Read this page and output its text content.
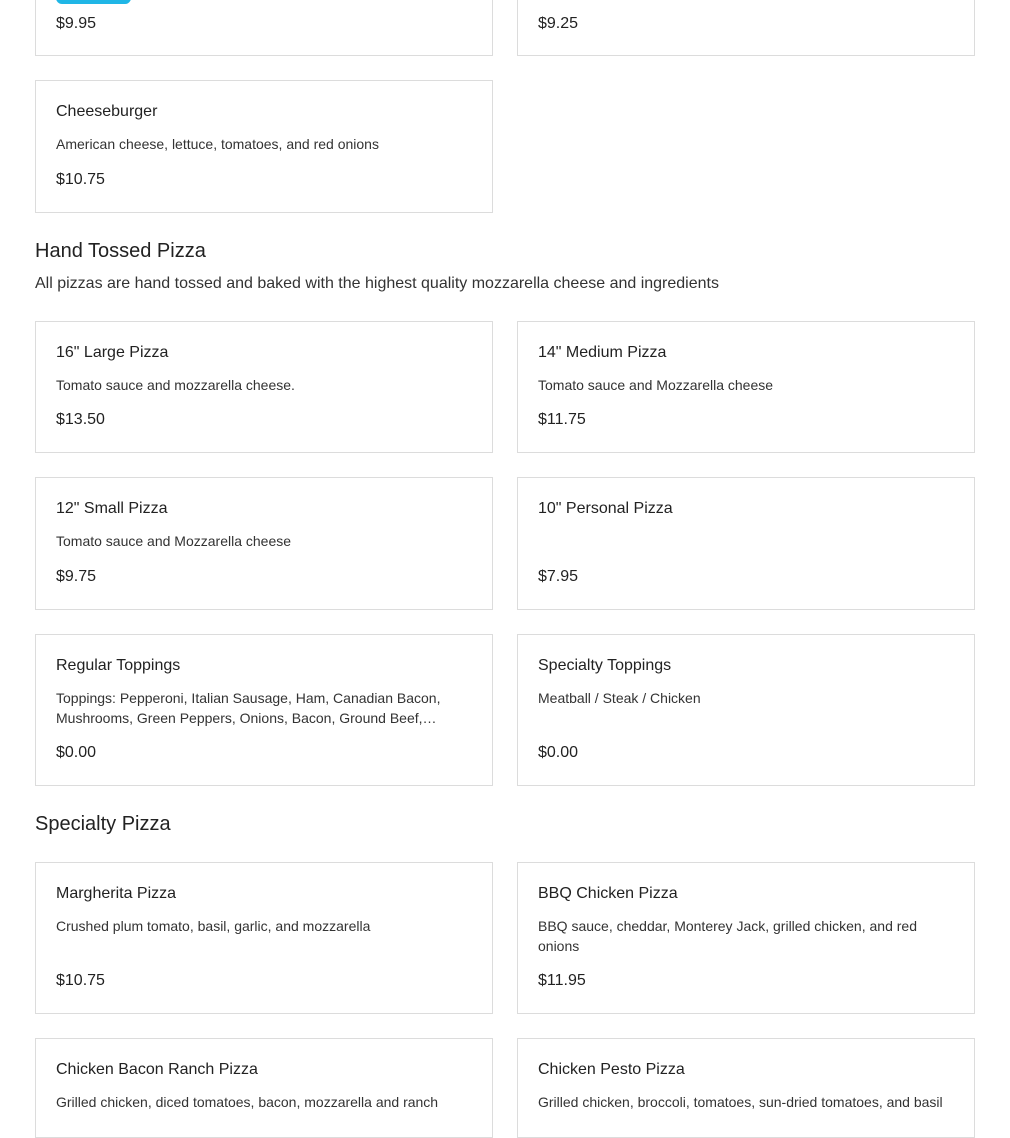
$9.95	$9.25
Cheeseburger
American cheese, lettuce, tomatoes, and red onions
$10.75
Hand Tossed Pizza
All pizzas are hand tossed and baked with the highest quality mozzarella cheese and ingredients
16" Large Pizza
Tomato sauce and mozzarella cheese.
$13.50
14" Medium Pizza
Tomato sauce and Mozzarella cheese
$11.75
12" Small Pizza
Tomato sauce and Mozzarella cheese
$9.75
10" Personal Pizza
$7.95
Regular Toppings
Toppings: Pepperoni, Italian Sausage, Ham, Canadian Bacon, Mushrooms, Green Peppers, Onions, Bacon, Ground Beef,…
$0.00
Specialty Toppings
Meatball / Steak / Chicken
$0.00
Specialty Pizza
Margherita Pizza
Crushed plum tomato, basil, garlic, and mozzarella
$10.75
BBQ Chicken Pizza
BBQ sauce, cheddar, Monterey Jack, grilled chicken, and red onions
$11.95
Chicken Bacon Ranch Pizza
Grilled chicken, diced tomatoes, bacon, mozzarella and ranch
Chicken Pesto Pizza
Grilled chicken, broccoli, tomatoes, sun-dried tomatoes, and basil
